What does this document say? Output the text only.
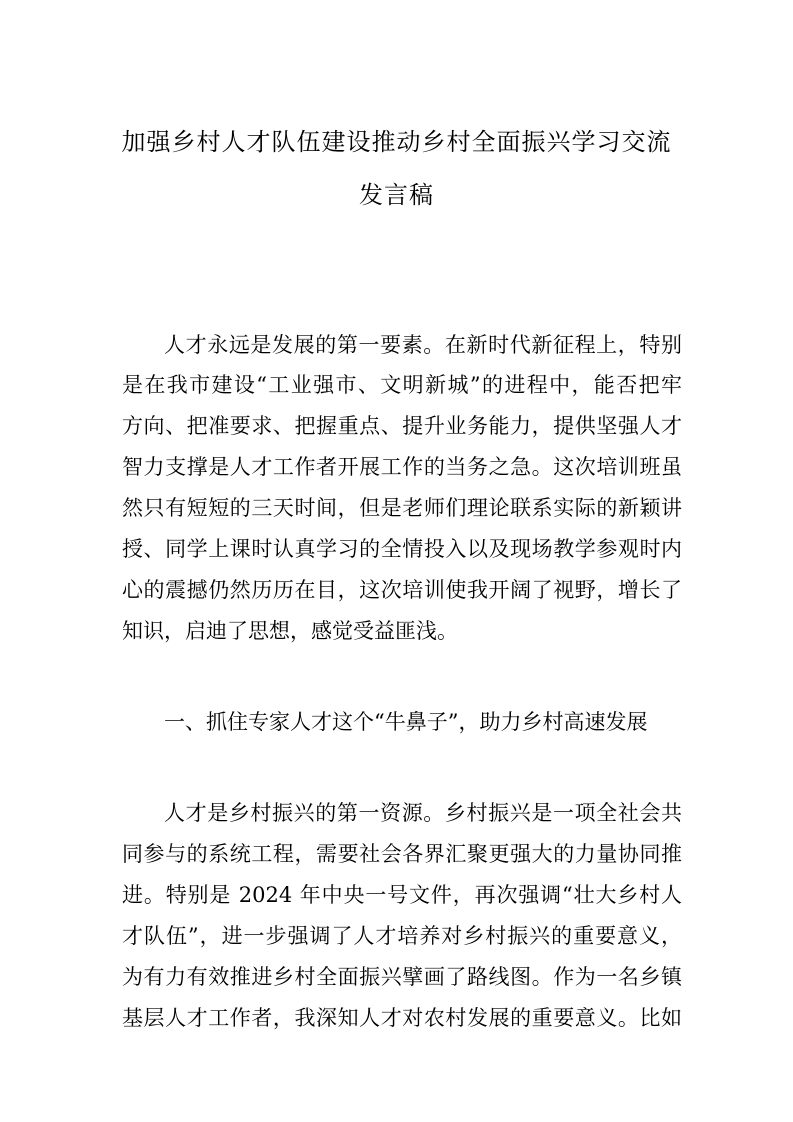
加强乡村人才队伍建设推动乡村全面振兴学习交流
发言稿
人才永远是发展的第一要素。在新时代新征程上，特别
是在我市建设“工业强市、文明新城”的进程中，能否把牢
方向、把准要求、把握重点、提升业务能力，提供坚强人才
智力支撑是人才工作者开展工作的当务之急。这次培训班虽
然只有短短的三天时间，但是老师们理论联系实际的新颖讲
授、同学上课时认真学习的全情投入以及现场教学参观时内
心的震撼仍然历历在目，这次培训使我开阔了视野，增长了
知识，启迪了思想，感觉受益匪浅。
一、抓住专家人才这个“牛鼻子”，助力乡村高速发展
人才是乡村振兴的第一资源。乡村振兴是一项全社会共
同参与的系统工程，需要社会各界汇聚更强大的力量协同推
进。特别是 2024 年中央一号文件，再次强调“壮大乡村人
才队伍”，进一步强调了人才培养对乡村振兴的重要意义，
为有力有效推进乡村全面振兴擘画了路线图。作为一名乡镇
基层人才工作者，我深知人才对农村发展的重要意义。比如
